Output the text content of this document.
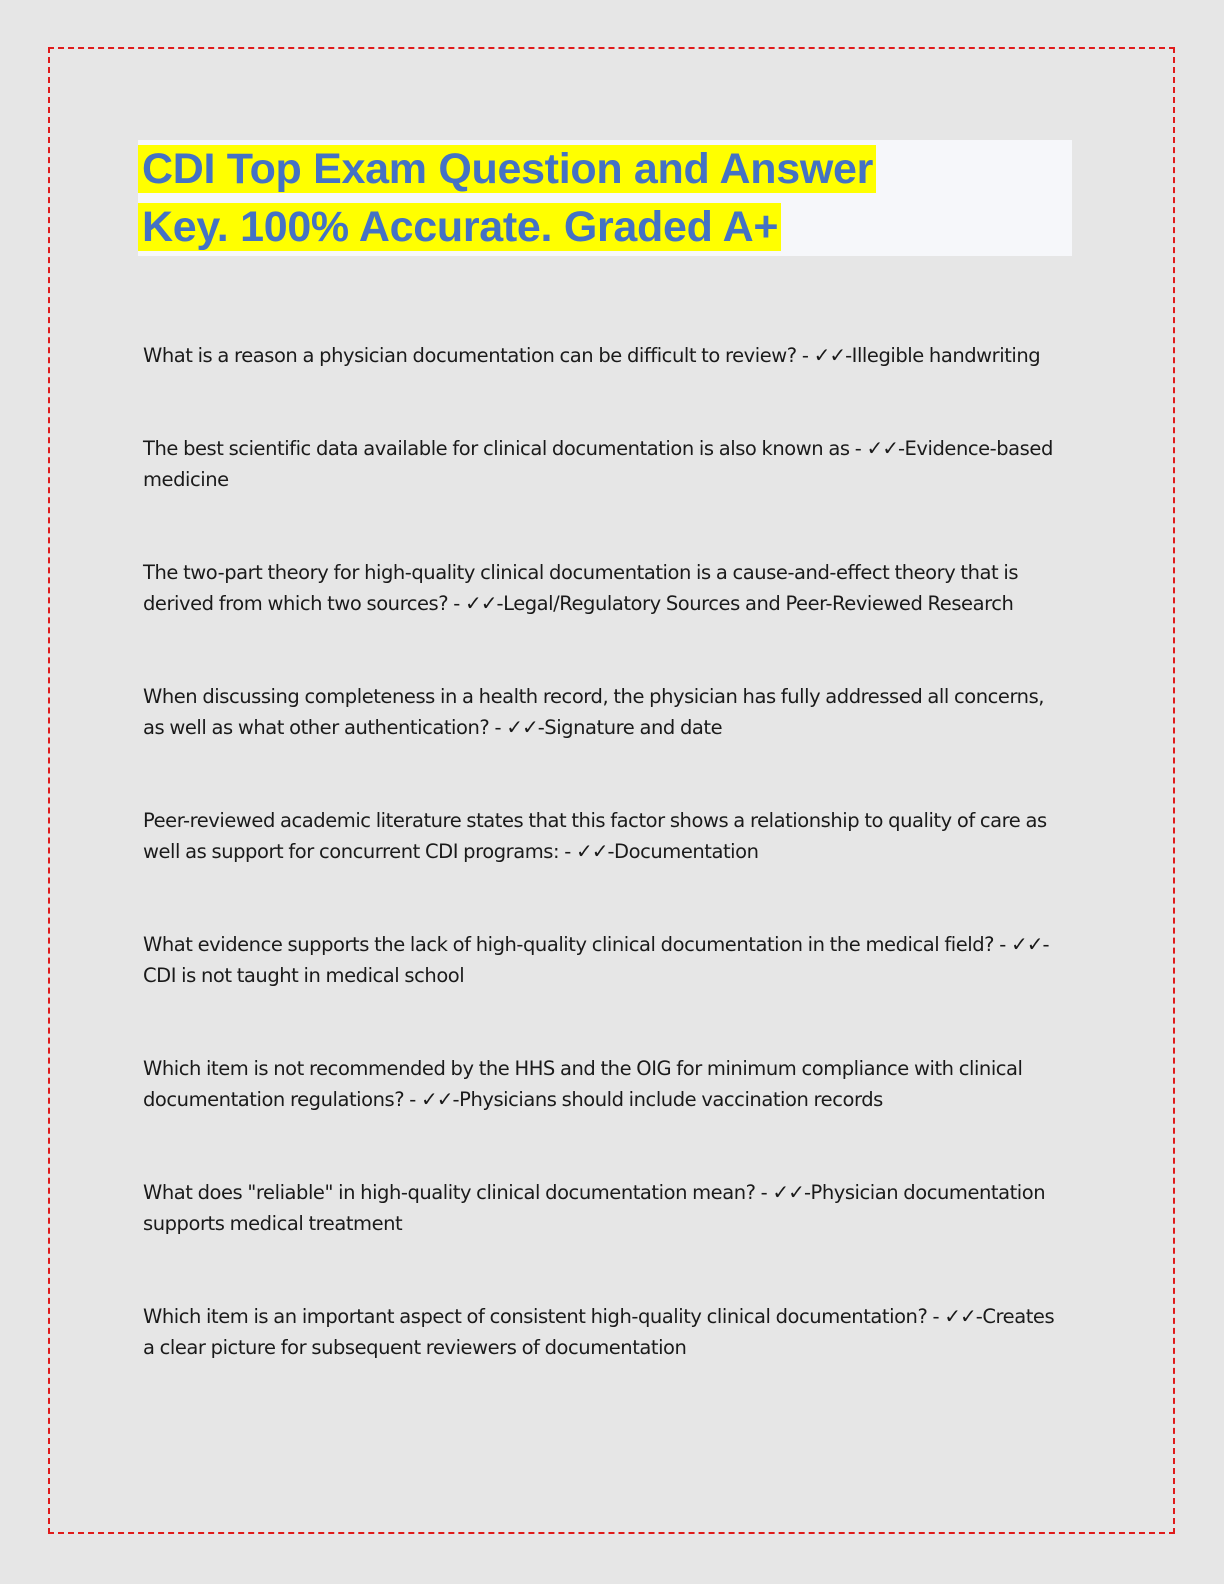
CDI Top Exam Question and Answer
Key. 100% Accurate. Graded A+

What is a reason a physician documentation can be difficult to review? - ✓✓-Illegible handwriting

The best scientific data available for clinical documentation is also known as - ✓✓-Evidence-based medicine

The two-part theory for high-quality clinical documentation is a cause-and-effect theory that is derived from which two sources? - ✓✓-Legal/Regulatory Sources and Peer-Reviewed Research

When discussing completeness in a health record, the physician has fully addressed all concerns, as well as what other authentication? - ✓✓-Signature and date

Peer-reviewed academic literature states that this factor shows a relationship to quality of care as well as support for concurrent CDI programs: - ✓✓-Documentation

What evidence supports the lack of high-quality clinical documentation in the medical field? - ✓✓-CDI is not taught in medical school

Which item is not recommended by the HHS and the OIG for minimum compliance with clinical documentation regulations? - ✓✓-Physicians should include vaccination records

What does "reliable" in high-quality clinical documentation mean? - ✓✓-Physician documentation supports medical treatment

Which item is an important aspect of consistent high-quality clinical documentation? - ✓✓-Creates a clear picture for subsequent reviewers of documentation
